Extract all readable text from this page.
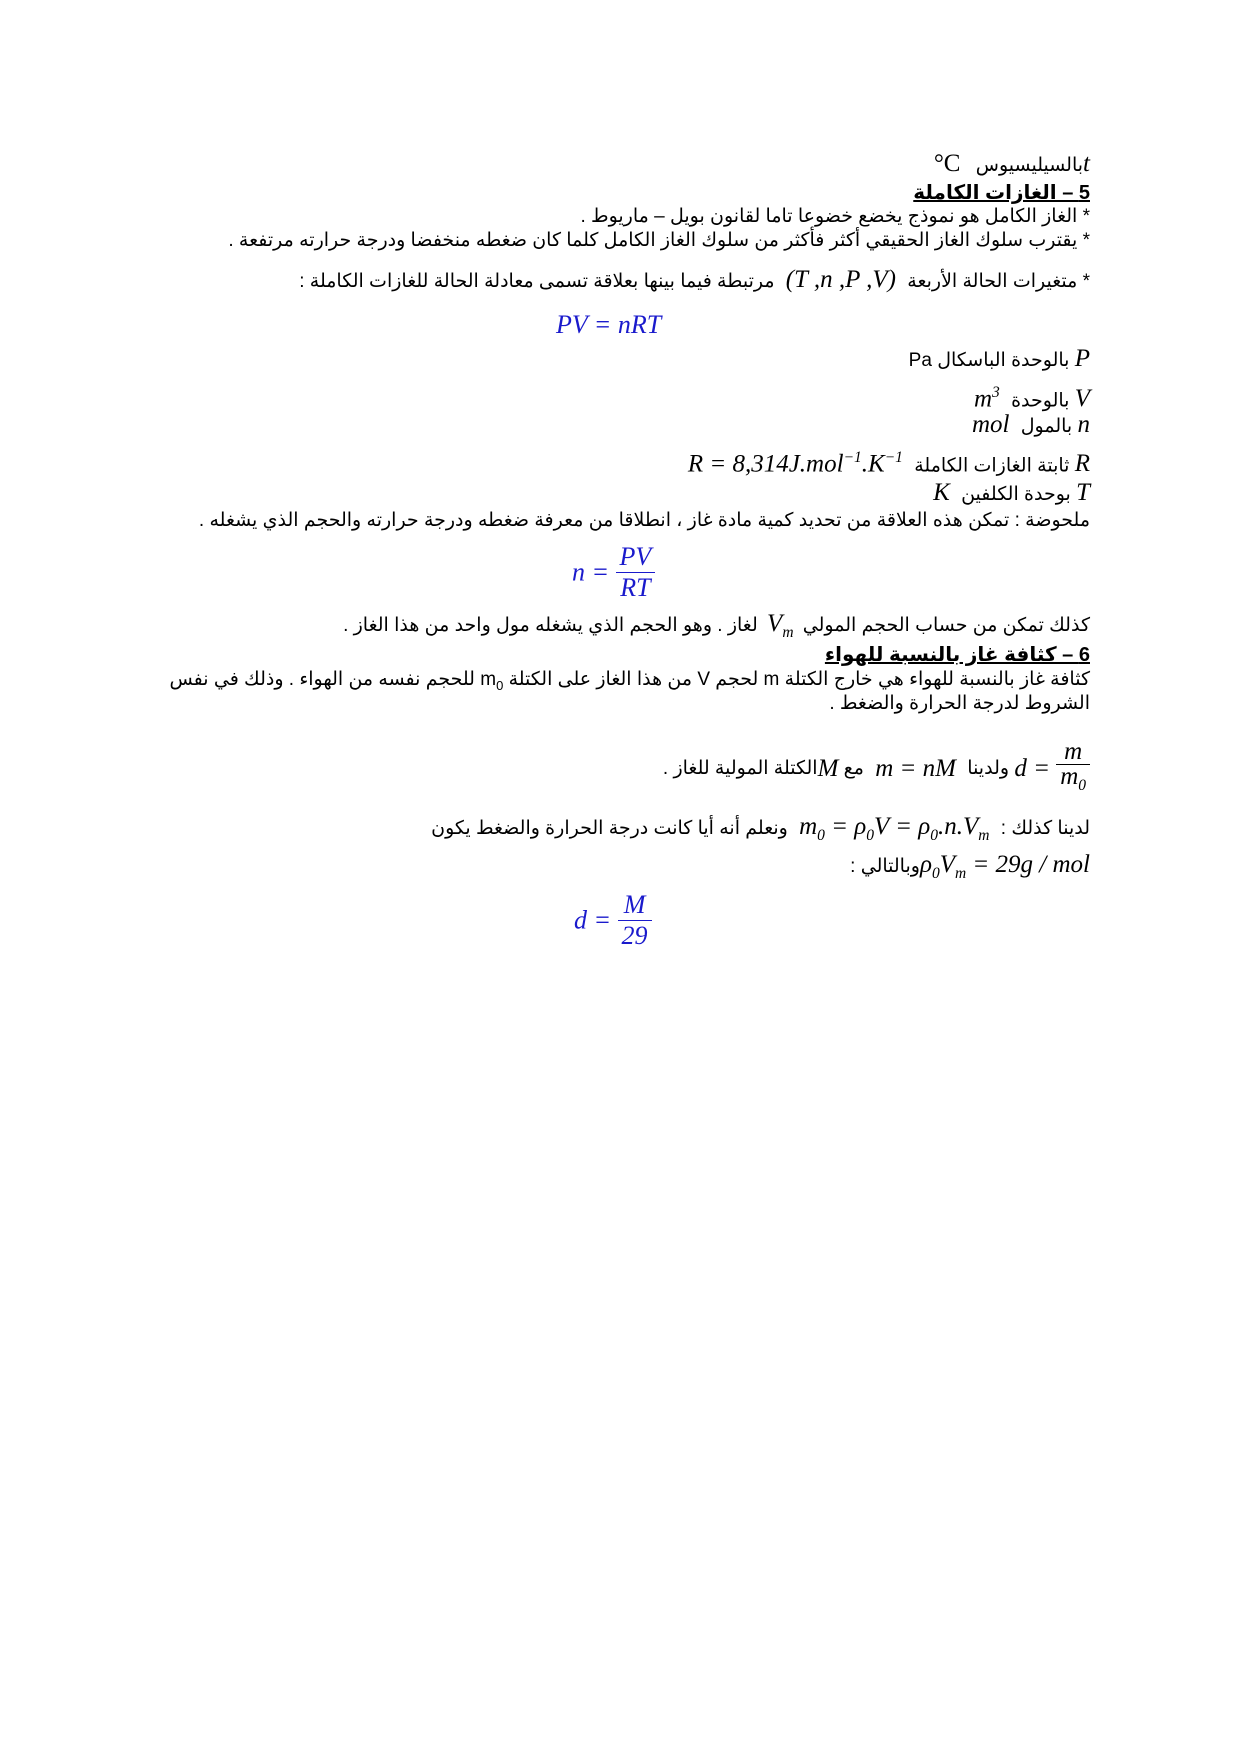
tبالسيليسيوس °C
5 – الغازات الكاملة
* الغاز الكامل هو نموذج يخضع خضوعا تاما لقانون بويل – ماريوط .
* يقترب سلوك الغاز الحقيقي أكثر فأكثر من سلوك الغاز الكامل كلما كان ضغطه منخفضا ودرجة حرارته مرتفعة .
* متغيرات الحالة الأربعة (T ,n ,P ,V) مرتبطة فيما بينها بعلاقة تسمى معادلة الحالة للغازات الكاملة :
PV = nRT
P بالوحدة الباسكال Pa
V بالوحدة $m^3$
n بالمول mol
R ثابتة الغازات الكاملة $R = 8,314J.mol^{-1}.K^{-1}$
T بوحدة الكلفين K
ملحوضة : تمكن هذه العلاقة من تحديد كمية مادة غاز ، انطلاقا من معرفة ضغطه ودرجة حرارته والحجم الذي يشغله .
$n = \frac{PV}{RT}$
كذلك تمكن من حساب الحجم المولي $V_m$ لغاز . وهو الحجم الذي يشغله مول واحد من هذا الغاز .
6 – كثافة غاز بالنسبة للهواء
كثافة غاز بالنسبة للهواء هي خارج الكتلة m لحجم V من هذا الغاز على الكتلة $m_0$ للحجم نفسه من الهواء . وذلك في نفس
الشروط لدرجة الحرارة والضغط .
$d = \frac{m}{m_0}$
ولدينا m = nM مع Mالكتلة المولية للغاز .
لدينا كذلك : $m_0 = \rho_0V = \rho_0.n.V_m$ ونعلم أنه أيا كانت درجة الحرارة والضغط يكون
$\rho_0V_m = 29g$ / molوبالتالي :
$d = \frac{M}{29}$
